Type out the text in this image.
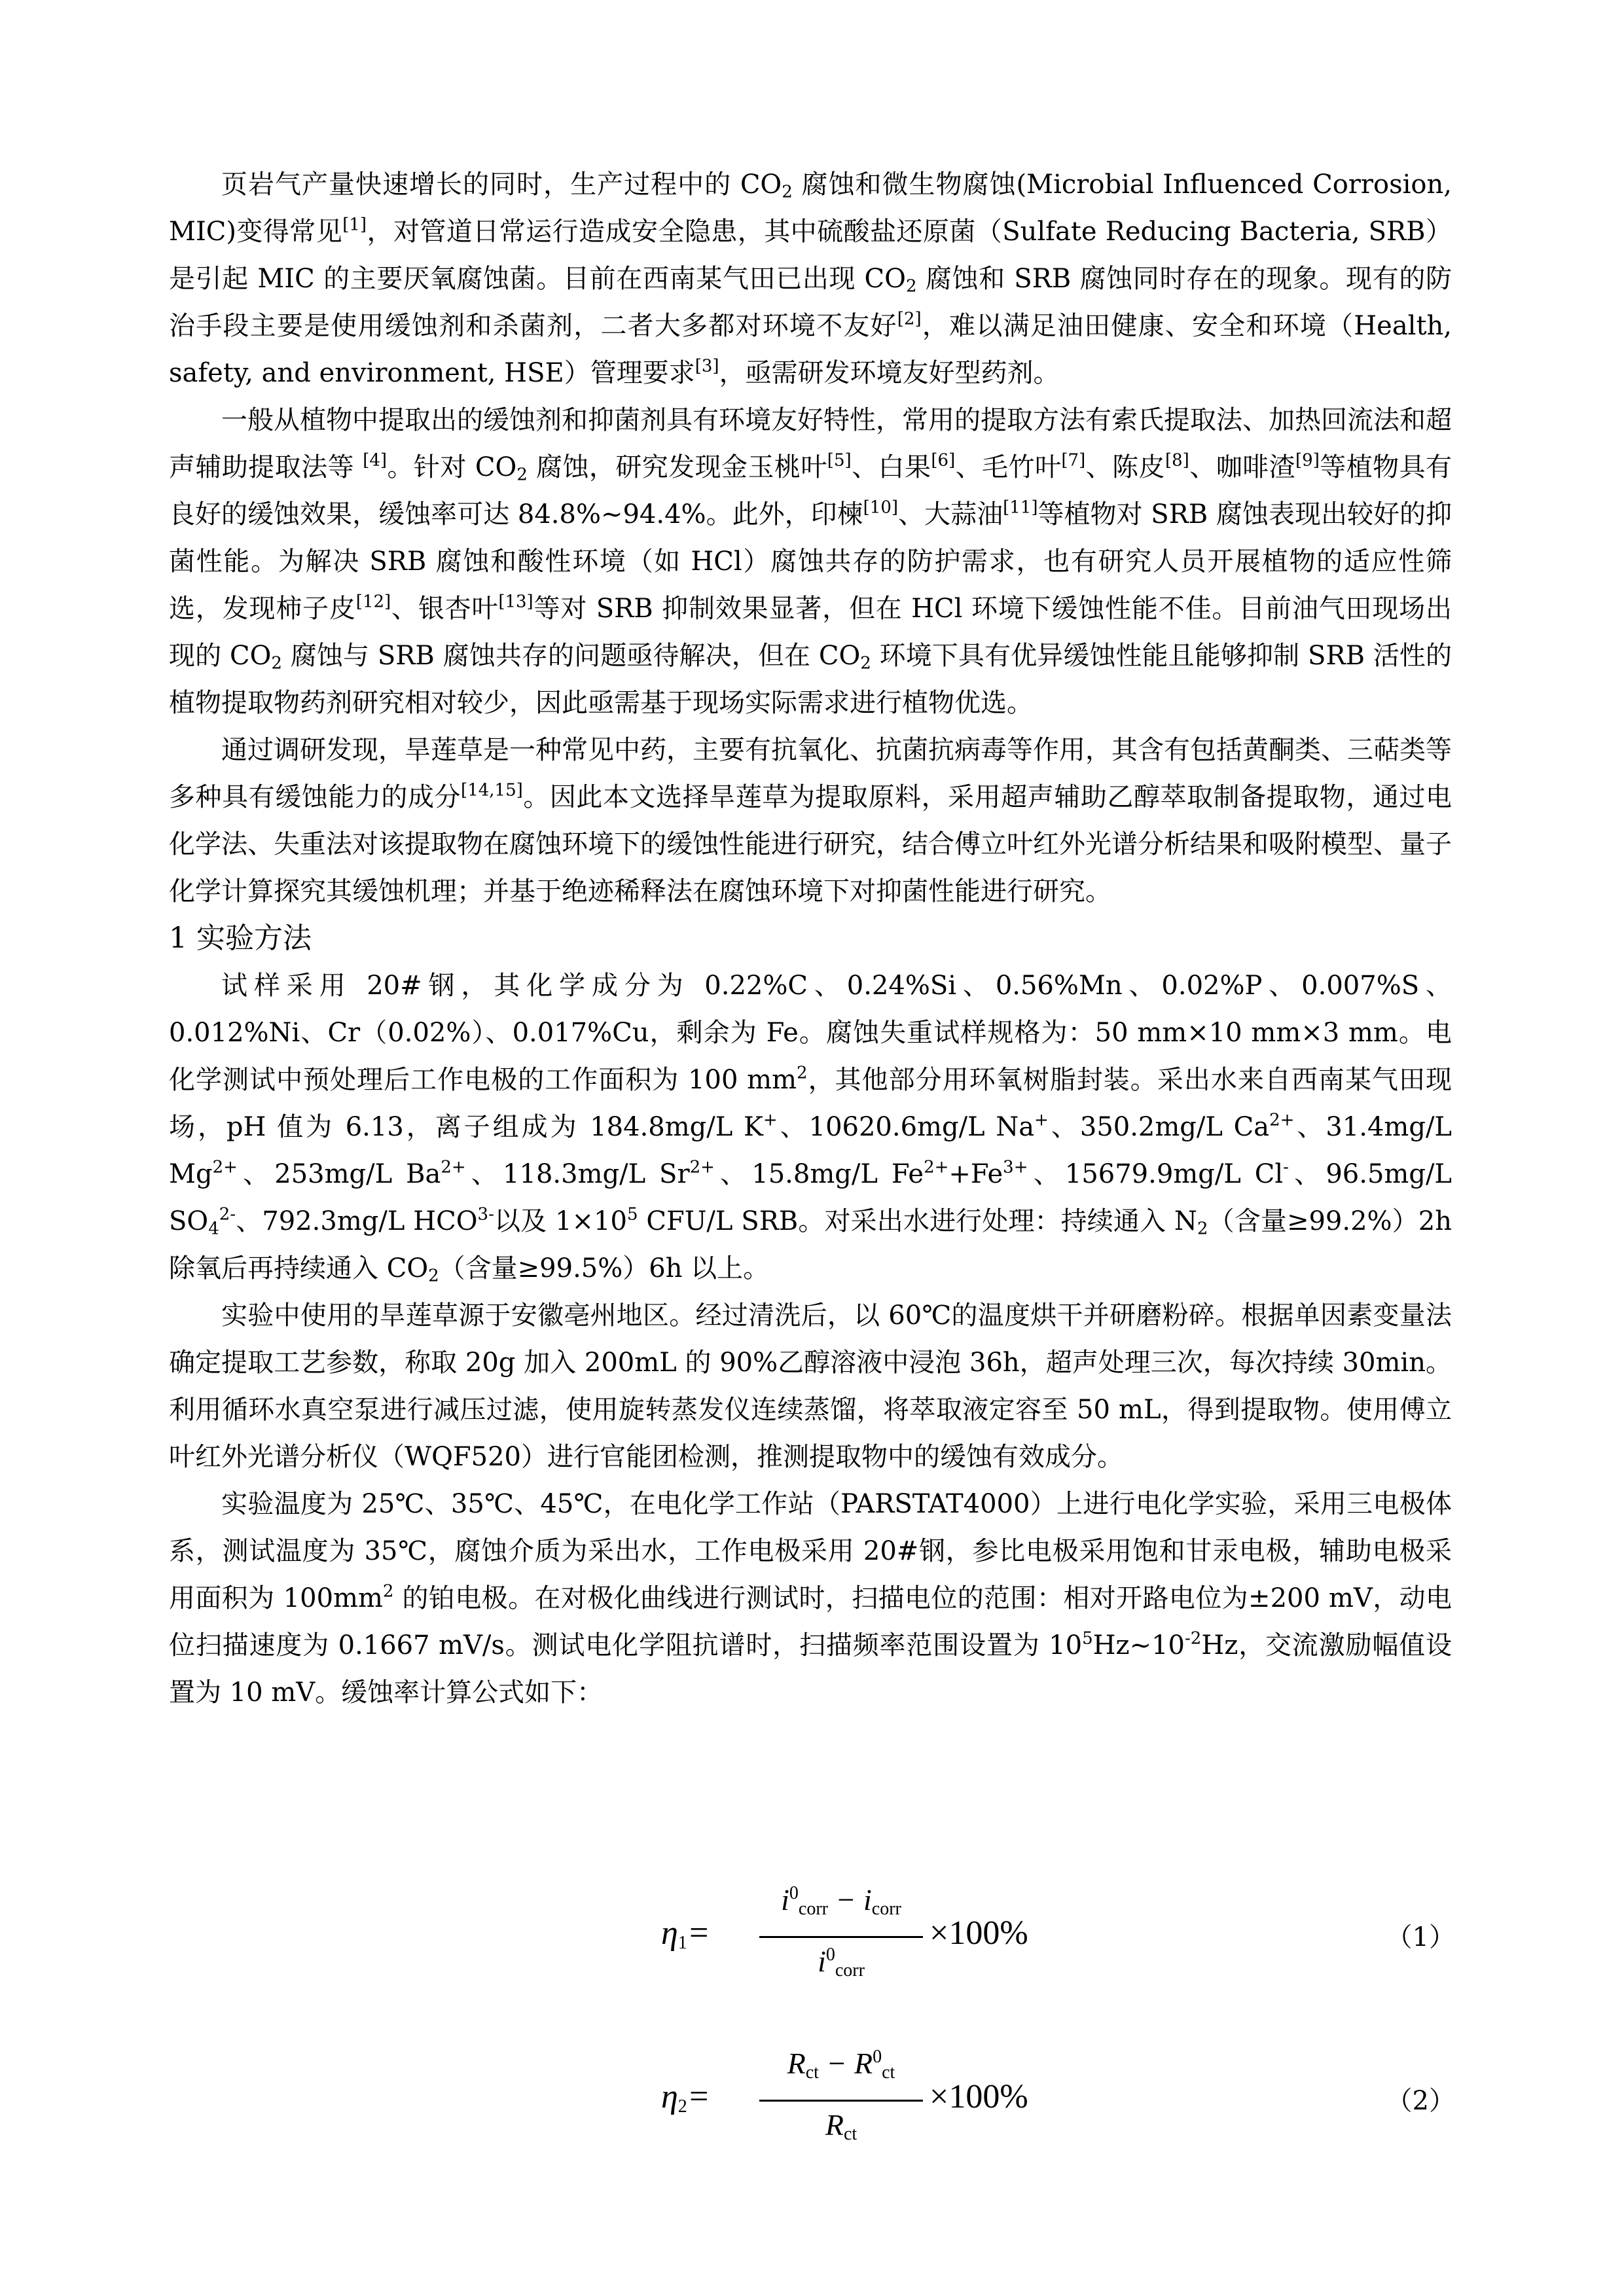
页岩气产量快速增长的同时，生产过程中的 $CO_2$ 腐蚀和微生物腐蚀(Microbial Influenced Corrosion, MIC)变得常见[1]，对管道日常运行造成安全隐患，其中硫酸盐还原菌（Sulfate Reducing Bacteria, SRB）是引起 MIC 的主要厌氧腐蚀菌。目前在西南某气田已出现 $CO_2$ 腐蚀和 SRB 腐蚀同时存在的现象。现有的防治手段主要是使用缓蚀剂和杀菌剂，二者大多都对环境不友好[2]，难以满足油田健康、安全和环境（Health, safety, and environment, HSE）管理要求[3]，亟需研发环境友好型药剂。

一般从植物中提取出的缓蚀剂和抑菌剂具有环境友好特性，常用的提取方法有索氏提取法、加热回流法和超声辅助提取法等 [4]。针对 $CO_2$ 腐蚀，研究发现金玉桃叶[5]、白果[6]、毛竹叶[7]、陈皮[8]、咖啡渣[9]等植物具有良好的缓蚀效果，缓蚀率可达 84.8%~94.4%。此外，印楝[10]、大蒜油[11]等植物对 SRB 腐蚀表现出较好的抑菌性能。为解决 SRB 腐蚀和酸性环境（如 HCl）腐蚀共存的防护需求，也有研究人员开展植物的适应性筛选，发现柿子皮[12]、银杏叶[13]等对 SRB 抑制效果显著，但在 HCl 环境下缓蚀性能不佳。目前油气田现场出现的 $CO_2$ 腐蚀与 SRB 腐蚀共存的问题亟待解决，但在 $CO_2$ 环境下具有优异缓蚀性能且能够抑制 SRB 活性的植物提取物药剂研究相对较少，因此亟需基于现场实际需求进行植物优选。

通过调研发现，旱莲草是一种常见中药，主要有抗氧化、抗菌抗病毒等作用，其含有包括黄酮类、三萜类等多种具有缓蚀能力的成分[14,15]。因此本文选择旱莲草为提取原料，采用超声辅助乙醇萃取制备提取物，通过电化学法、失重法对该提取物在腐蚀环境下的缓蚀性能进行研究，结合傅立叶红外光谱分析结果和吸附模型、量子化学计算探究其缓蚀机理；并基于绝迹稀释法在腐蚀环境下对抑菌性能进行研究。

1 实验方法

试样采用 20#钢，其化学成分为 0.22%C、0.24%Si、0.56%Mn、0.02%P、0.007%S、0.012%Ni、Cr（0.02%）、0.017%Cu，剩余为 Fe。腐蚀失重试样规格为：50 mm×10 mm×3 mm。电化学测试中预处理后工作电极的工作面积为 100 $mm^2$，其他部分用环氧树脂封装。采出水来自西南某气田现场，pH 值为 6.13，离子组成为 184.8mg/L K+、10620.6mg/L Na+、350.2mg/L $Ca^{2+}$、31.4mg/L $Mg^{2+}$、253mg/L $Ba^{2+}$、118.3mg/L $Sr^{2+}$、15.8mg/L $Fe^{2+}+Fe^{3+}$、15679.9mg/L Cl-、96.5mg/L $SO_4^{2-}$、792.3mg/L $HCO^{3-}$以及 $1\times 10^5$ CFU/L SRB。对采出水进行处理：持续通入 $N_2$（含量≥99.2%）2h 除氧后再持续通入 $CO_2$（含量≥99.5%）6h 以上。

实验中使用的旱莲草源于安徽亳州地区。经过清洗后，以 60℃的温度烘干并研磨粉碎。根据单因素变量法确定提取工艺参数，称取 20g 加入 200mL 的 90%乙醇溶液中浸泡 36h，超声处理三次，每次持续 30min。利用循环水真空泵进行减压过滤，使用旋转蒸发仪连续蒸馏，将萃取液定容至 50 mL，得到提取物。使用傅立叶红外光谱分析仪（WQF520）进行官能团检测，推测提取物中的缓蚀有效成分。

实验温度为 25℃、35℃、45℃，在电化学工作站（PARSTAT4000）上进行电化学实验，采用三电极体系，测试温度为 35℃，腐蚀介质为采出水，工作电极采用 20#钢，参比电极采用饱和甘汞电极，辅助电极采用面积为 $100mm^2$ 的铂电极。在对极化曲线进行测试时，扫描电位的范围：相对开路电位为±200 mV，动电位扫描速度为 0.1667 mV/s。测试电化学阻抗谱时，扫描频率范围设置为 $10^5Hz\sim 10^{-2}Hz$，交流激励幅值设置为 10 mV。缓蚀率计算公式如下：

$\eta_1=$
$i^0_{corr} - i_{corr}$
$i^0_{corr}$
×100%	（1）
$\eta_2=$
$R_{ct} - R^0_{ct}$
$R_{ct}$
×100%	（2）
